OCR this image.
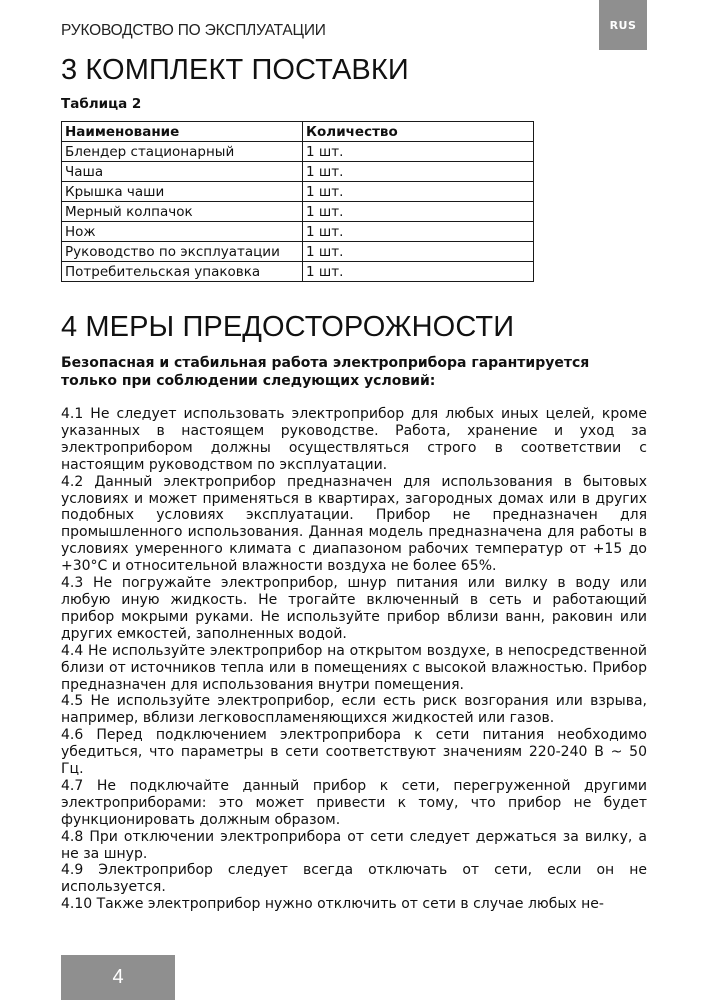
РУКОВОДСТВО ПО ЭКСПЛУАТАЦИИ	RUS
3 КОМПЛЕКТ ПОСТАВКИ
Таблица 2
Наименование	Количество
Блендер стационарный	1 шт.
Чаша	1 шт.
Крышка чаши	1 шт.
Мерный колпачок	1 шт.
Нож	1 шт.
Руководство по эксплуатации	1 шт.
Потребительская упаковка	1 шт.
4 МЕРЫ ПРЕДОСТОРОЖНОСТИ

Безопасная и стабильная работа электроприбора гарантируется только при соблюдении следующих условий:

4.1 Не следует использовать электроприбор для любых иных целей, кроме указанных в настоящем руководстве. Работа, хранение и уход за электроприбором должны осуществляться строго в соответствии с настоящим руководством по эксплуатации.

4.2 Данный электроприбор предназначен для использования в бытовых условиях и может применяться в квартирах, загородных домах или в других подобных условиях эксплуатации. Прибор не предназначен для промышленного использования. Данная модель предназначена для работы в условиях умеренного климата с диапазоном рабочих температур от +15 до +30°C и относительной влажности воздуха не более 65%.

4.3 Не погружайте электроприбор, шнур питания или вилку в воду или любую иную жидкость. Не трогайте включенный в сеть и работающий прибор мокрыми руками. Не используйте прибор вблизи ванн, раковин или других емкостей, заполненных водой.

4.4 Не используйте электроприбор на открытом воздухе, в непосредственной близи от источников тепла или в помещениях с высокой влажностью. Прибор предназначен для использования внутри помещения.

4.5 Не используйте электроприбор, если есть риск возгорания или взрыва, например, вблизи легковоспламеняющихся жидкостей или газов.

4.6 Перед подключением электроприбора к сети питания необходимо убедиться, что параметры в сети соответствуют значениям 220-240 В ~ 50 Гц.

4.7 Не подключайте данный прибор к сети, перегруженной другими электроприборами: это может привести к тому, что прибор не будет функционировать должным образом.

4.8 При отключении электроприбора от сети следует держаться за вилку, а не за шнур.

4.9 Электроприбор следует всегда отключать от сети, если он не используется.

4.10 Также электроприбор нужно отключить от сети в случае любых не-

4
